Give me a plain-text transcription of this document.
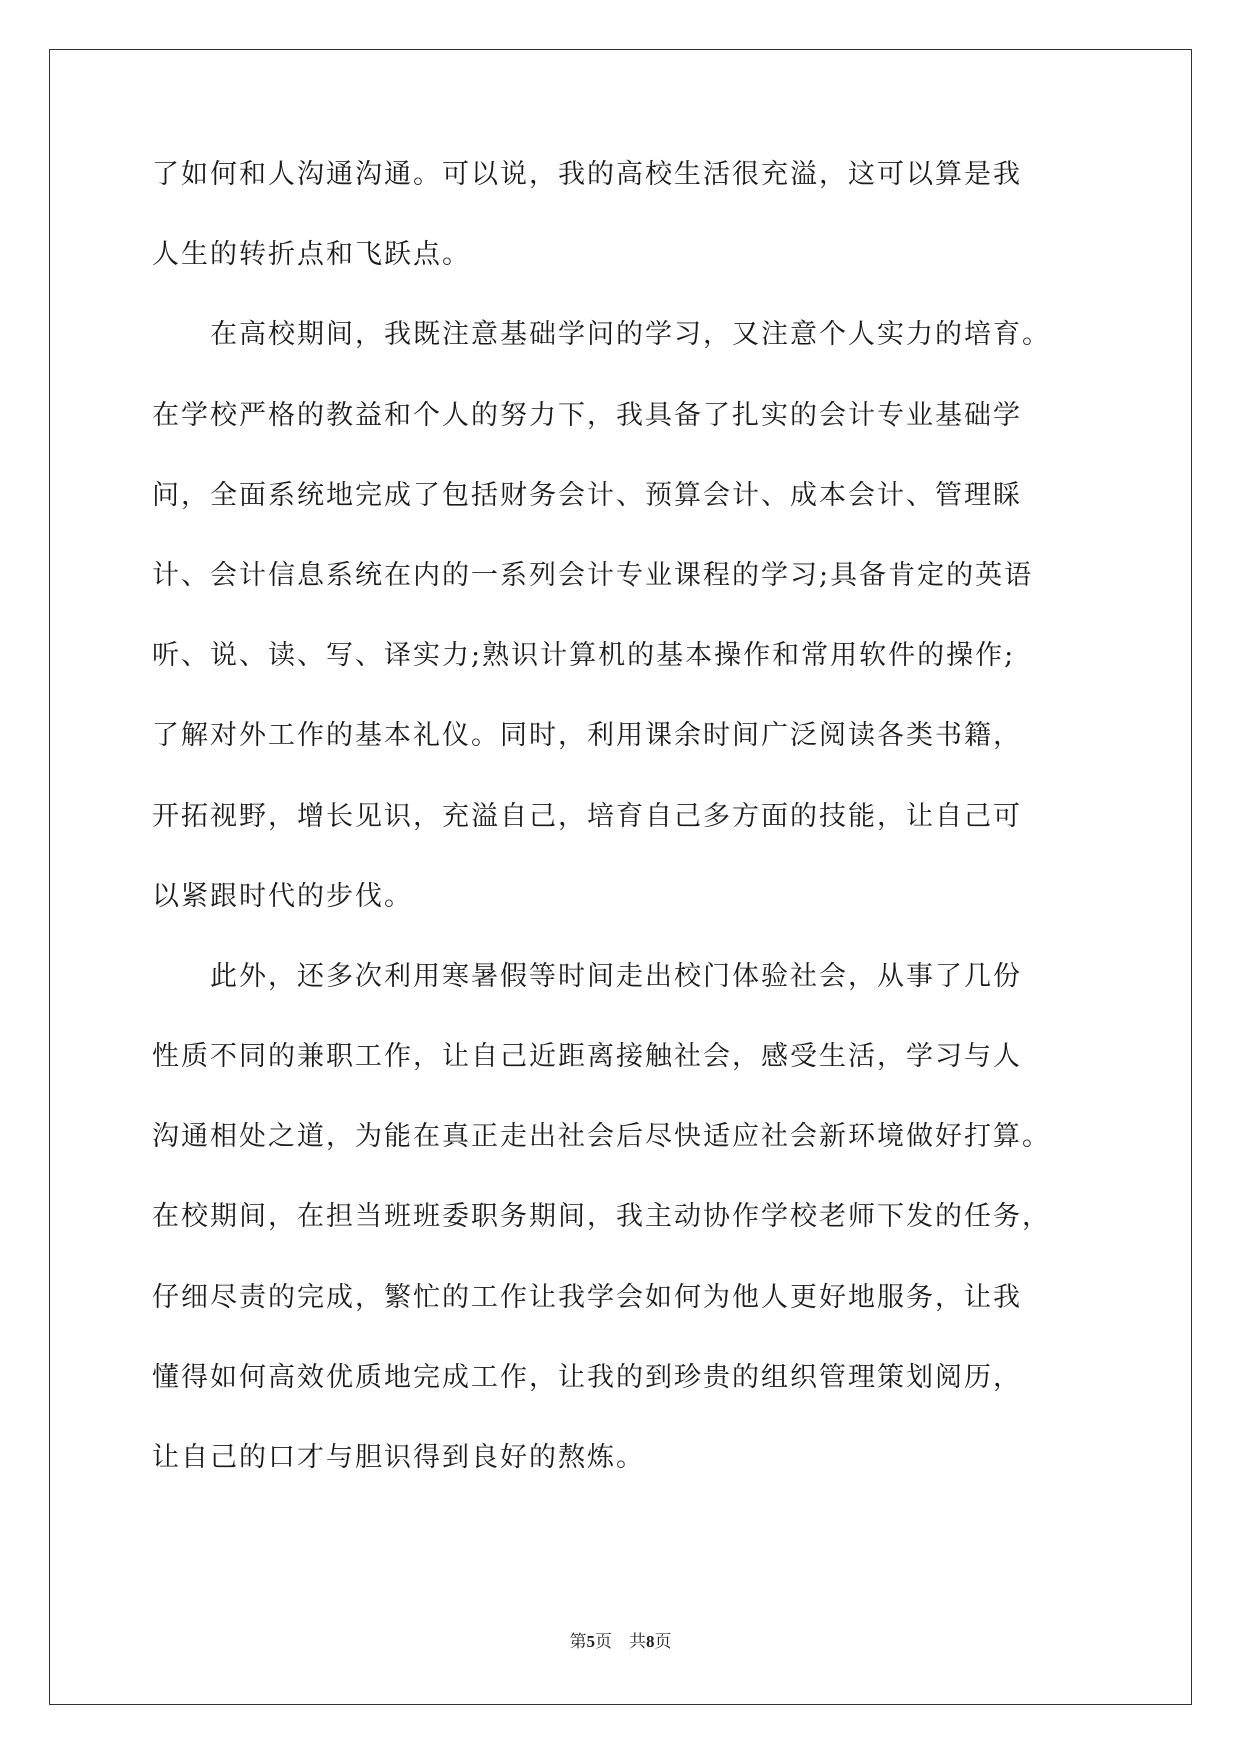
了如何和人沟通沟通。可以说，我的高校生活很充溢，这可以算是我
人生的转折点和飞跃点。
　　在高校期间，我既注意基础学问的学习，又注意个人实力的培育。
在学校严格的教益和个人的努力下，我具备了扎实的会计专业基础学
问，全面系统地完成了包括财务会计、预算会计、成本会计、管理睬
计、会计信息系统在内的一系列会计专业课程的学习;具备肯定的英语
听、说、读、写、译实力;熟识计算机的基本操作和常用软件的操作;
了解对外工作的基本礼仪。同时，利用课余时间广泛阅读各类书籍，
开拓视野，增长见识，充溢自己，培育自己多方面的技能，让自己可
以紧跟时代的步伐。
　　此外，还多次利用寒暑假等时间走出校门体验社会，从事了几份
性质不同的兼职工作，让自己近距离接触社会，感受生活，学习与人
沟通相处之道，为能在真正走出社会后尽快适应社会新环境做好打算。
在校期间，在担当班班委职务期间，我主动协作学校老师下发的任务，
仔细尽责的完成，繁忙的工作让我学会如何为他人更好地服务，让我
懂得如何高效优质地完成工作，让我的到珍贵的组织管理策划阅历，
让自己的口才与胆识得到良好的熬炼。
第5页　共8页
